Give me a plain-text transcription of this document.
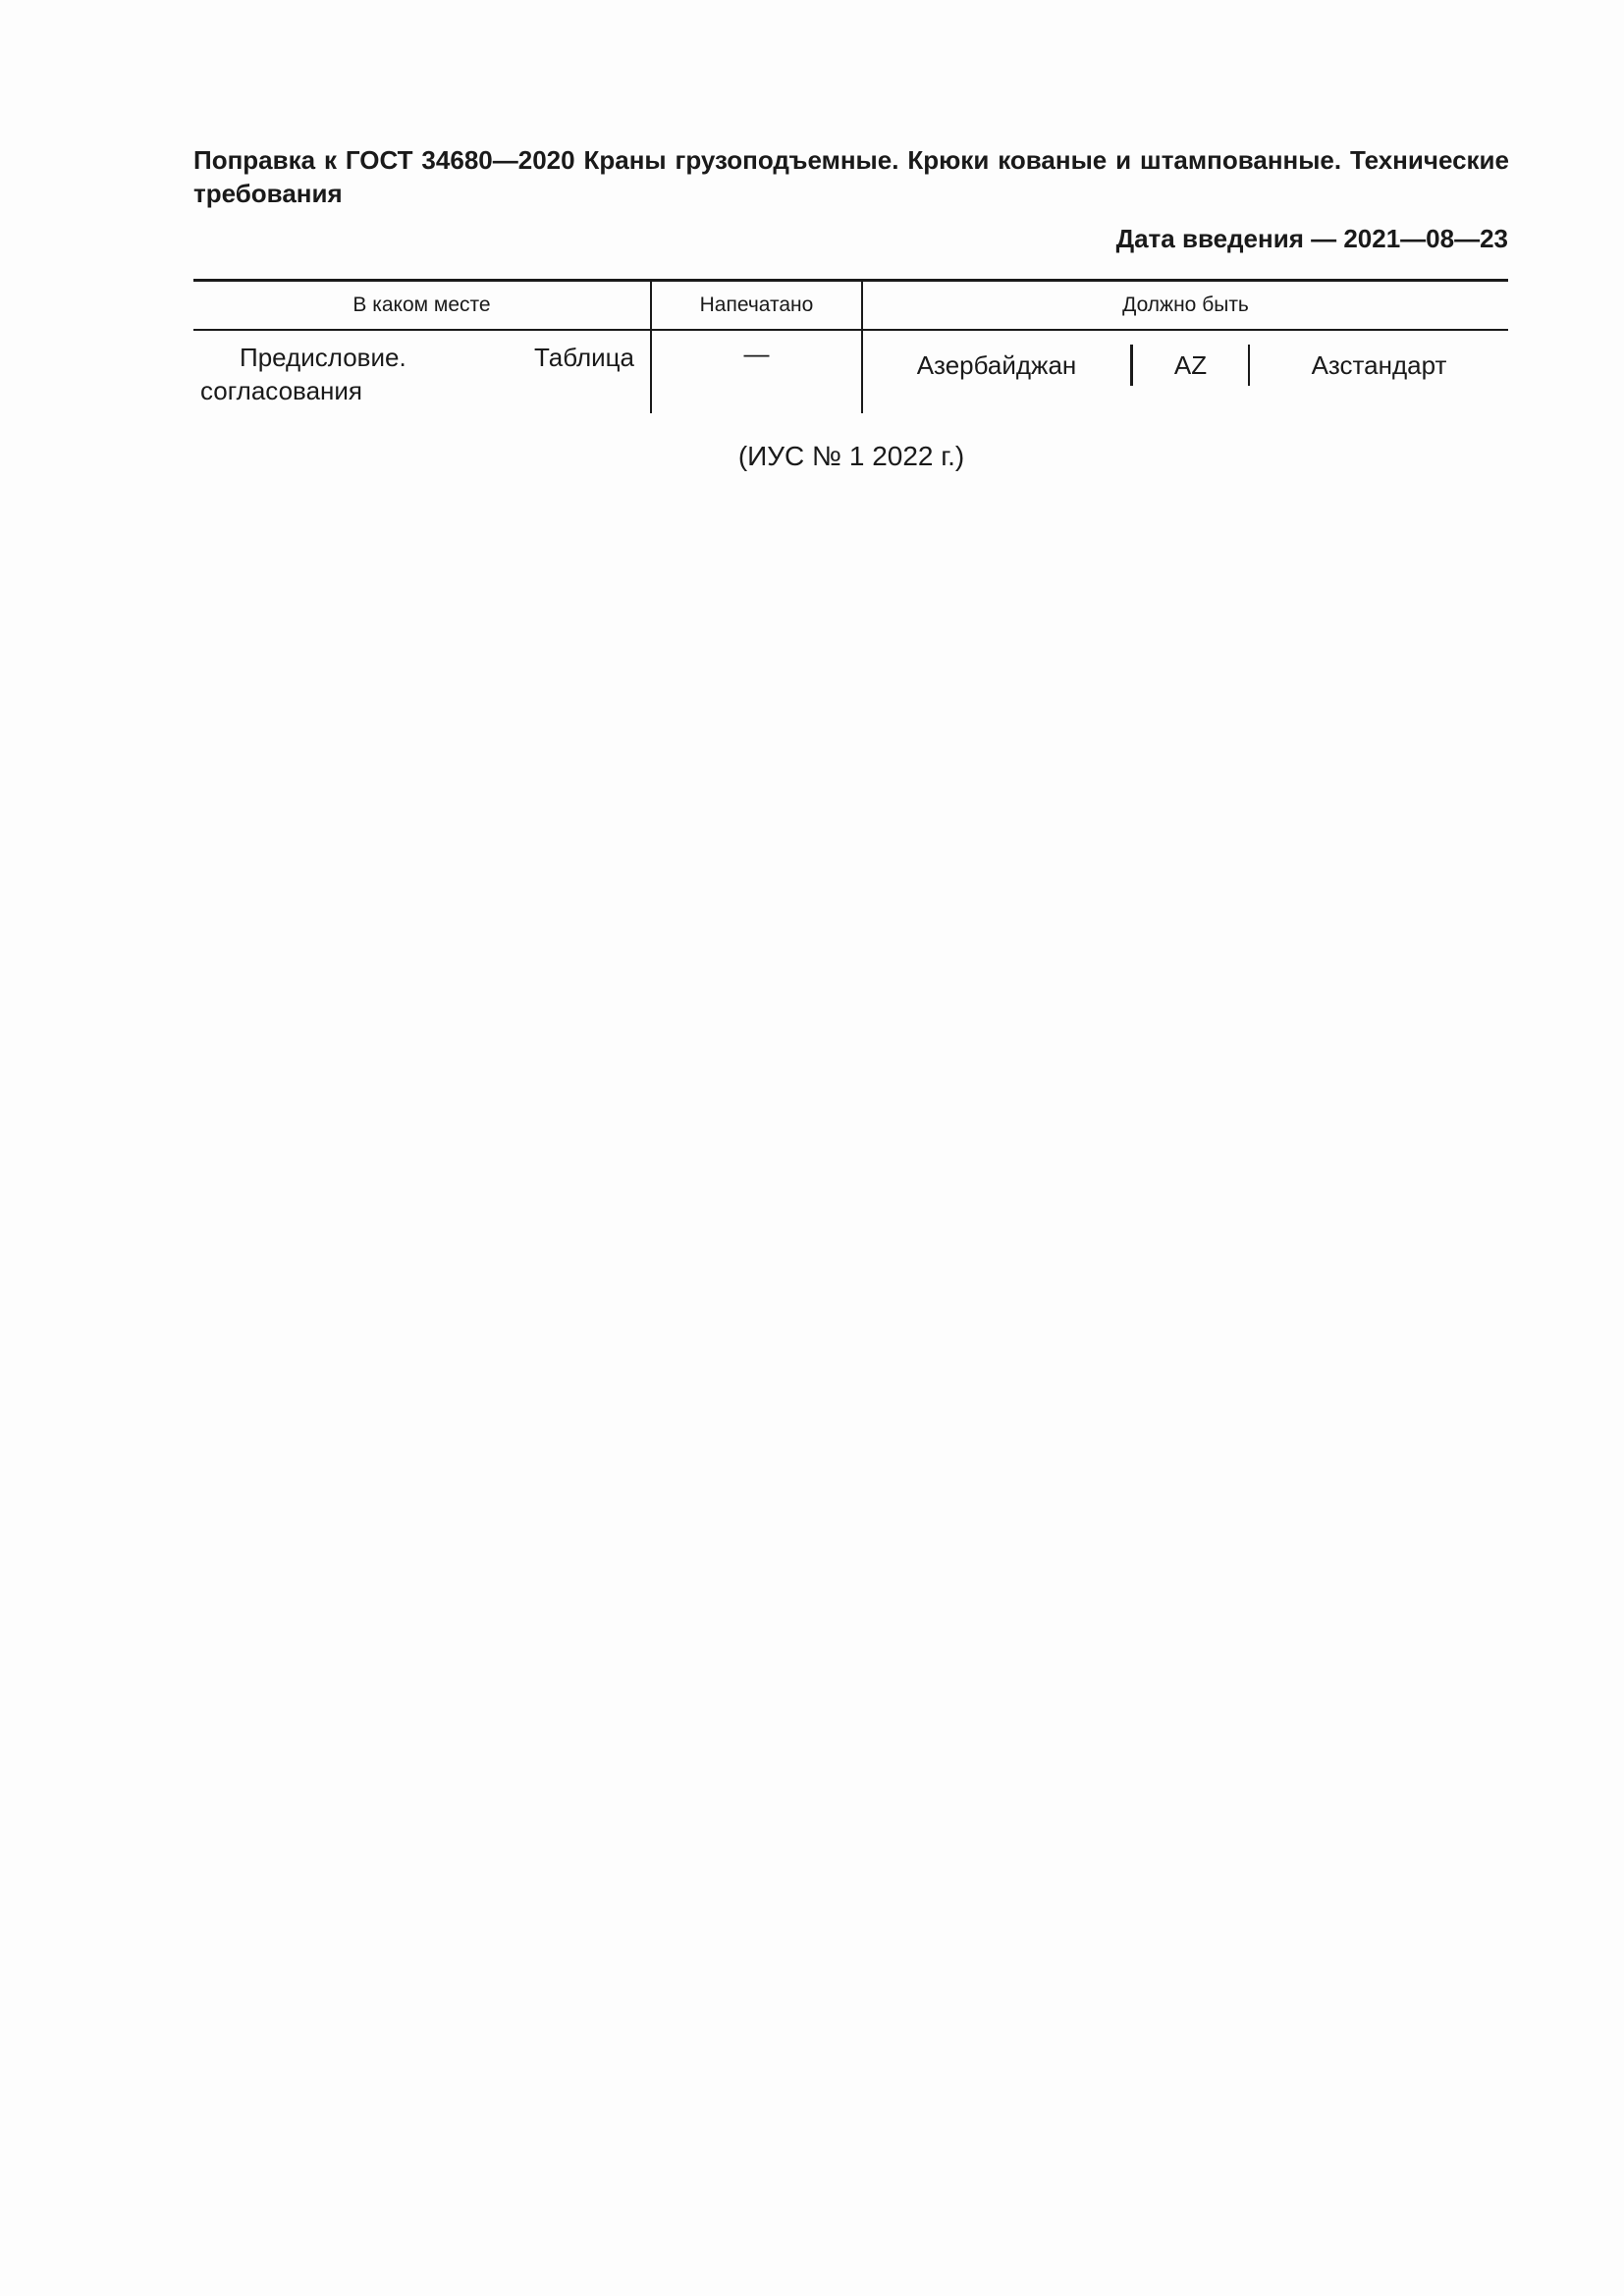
Поправка к ГОСТ 34680—2020 Краны грузоподъемные. Крюки кованые и штампованные. Технические требования

Дата введения — 2021—08—23

В каком месте	Напечатано	Должно быть

Предисловие. Таблица согласования	—	Азербайджан AZ Азстандарт

(ИУС № 1 2022 г.)
